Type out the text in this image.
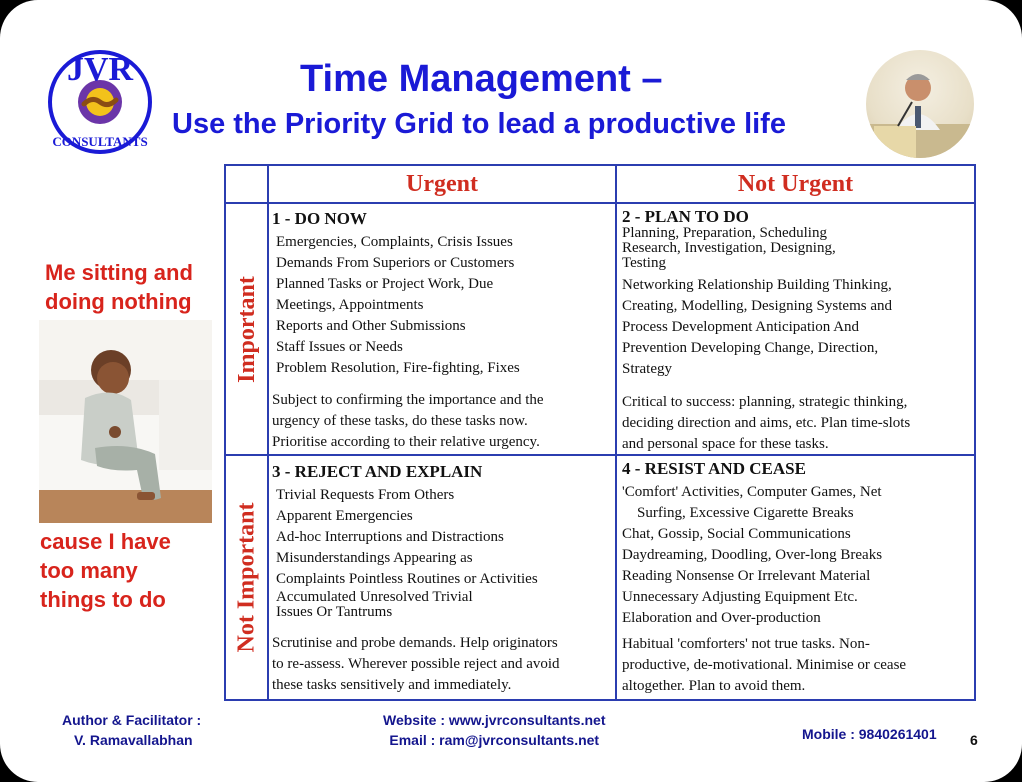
JVR
CONSULTANTS
Time Management –
Use the Priority Grid to lead a productive life
Me sitting and
doing nothing
cause I have
too many
things to do
Urgent	Not Urgent
Important
Not Important
1 - DO NOW
Emergencies, Complaints, Crisis Issues
Demands From Superiors or Customers
Planned Tasks or Project Work, Due
Meetings, Appointments
Reports and Other Submissions
Staff Issues or Needs
Problem Resolution, Fire-fighting, Fixes
Subject to confirming the importance and the
urgency of these tasks, do these tasks now.
Prioritise according to their relative urgency.
2 - PLAN TO DO
Planning, Preparation, Scheduling
Research, Investigation, Designing,
Testing
Networking Relationship Building Thinking,
Creating, Modelling, Designing Systems and
Process Development Anticipation And
Prevention Developing Change, Direction,
Strategy
Critical to success: planning, strategic thinking,
deciding direction and aims, etc. Plan time-slots
and personal space for these tasks.
3 - REJECT AND EXPLAIN
Trivial Requests From Others
Apparent Emergencies
Ad-hoc Interruptions and Distractions
Misunderstandings Appearing as
Complaints Pointless Routines or Activities
Accumulated Unresolved Trivial
Issues Or Tantrums
Scrutinise and probe demands. Help originators
to re-assess. Wherever possible reject and avoid
these tasks sensitively and immediately.
4 - RESIST AND CEASE
'Comfort' Activities, Computer Games, Net
Surfing, Excessive Cigarette Breaks
Chat, Gossip, Social Communications
Daydreaming, Doodling, Over-long Breaks
Reading Nonsense Or Irrelevant Material
Unnecessary Adjusting Equipment Etc.
Elaboration and Over-production
Habitual 'comforters' not true tasks. Non-
productive, de-motivational. Minimise or cease
altogether. Plan to avoid them.
Author & Facilitator :
V. Ramavallabhan
Website : www.jvrconsultants.net
Email : ram@jvrconsultants.net	Mobile : 9840261401 6
